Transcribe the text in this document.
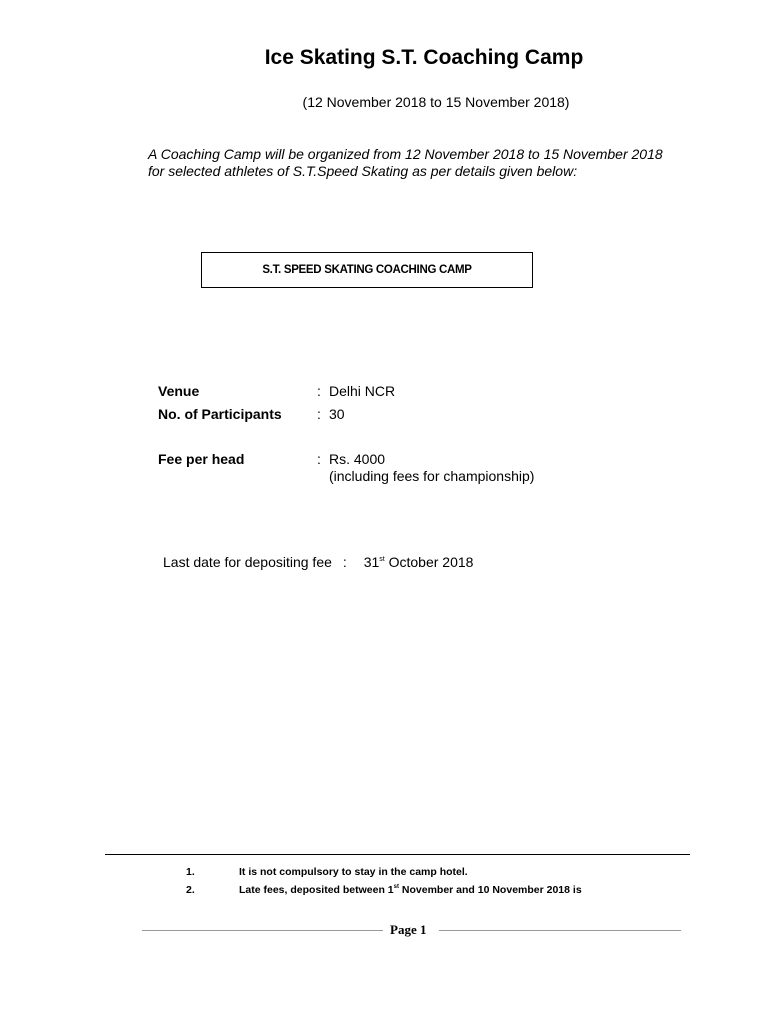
Ice Skating S.T. Coaching Camp
(12 November 2018 to 15 November 2018)
A Coaching Camp will be organized from 12 November 2018 to 15 November 2018 for selected athletes of S.T.Speed Skating as per details given below:
S.T. SPEED SKATING COACHING CAMP
Venue	: Delhi NCR
No. of Participants	: 30
Fee per head	: Rs. 4000
(including fees for championship)
Last date for depositing fee : 31st October 2018
1.	It is not compulsory to stay in the camp hotel.
2.	Late fees, deposited between 1st November and 10 November 2018 is
Page 1
